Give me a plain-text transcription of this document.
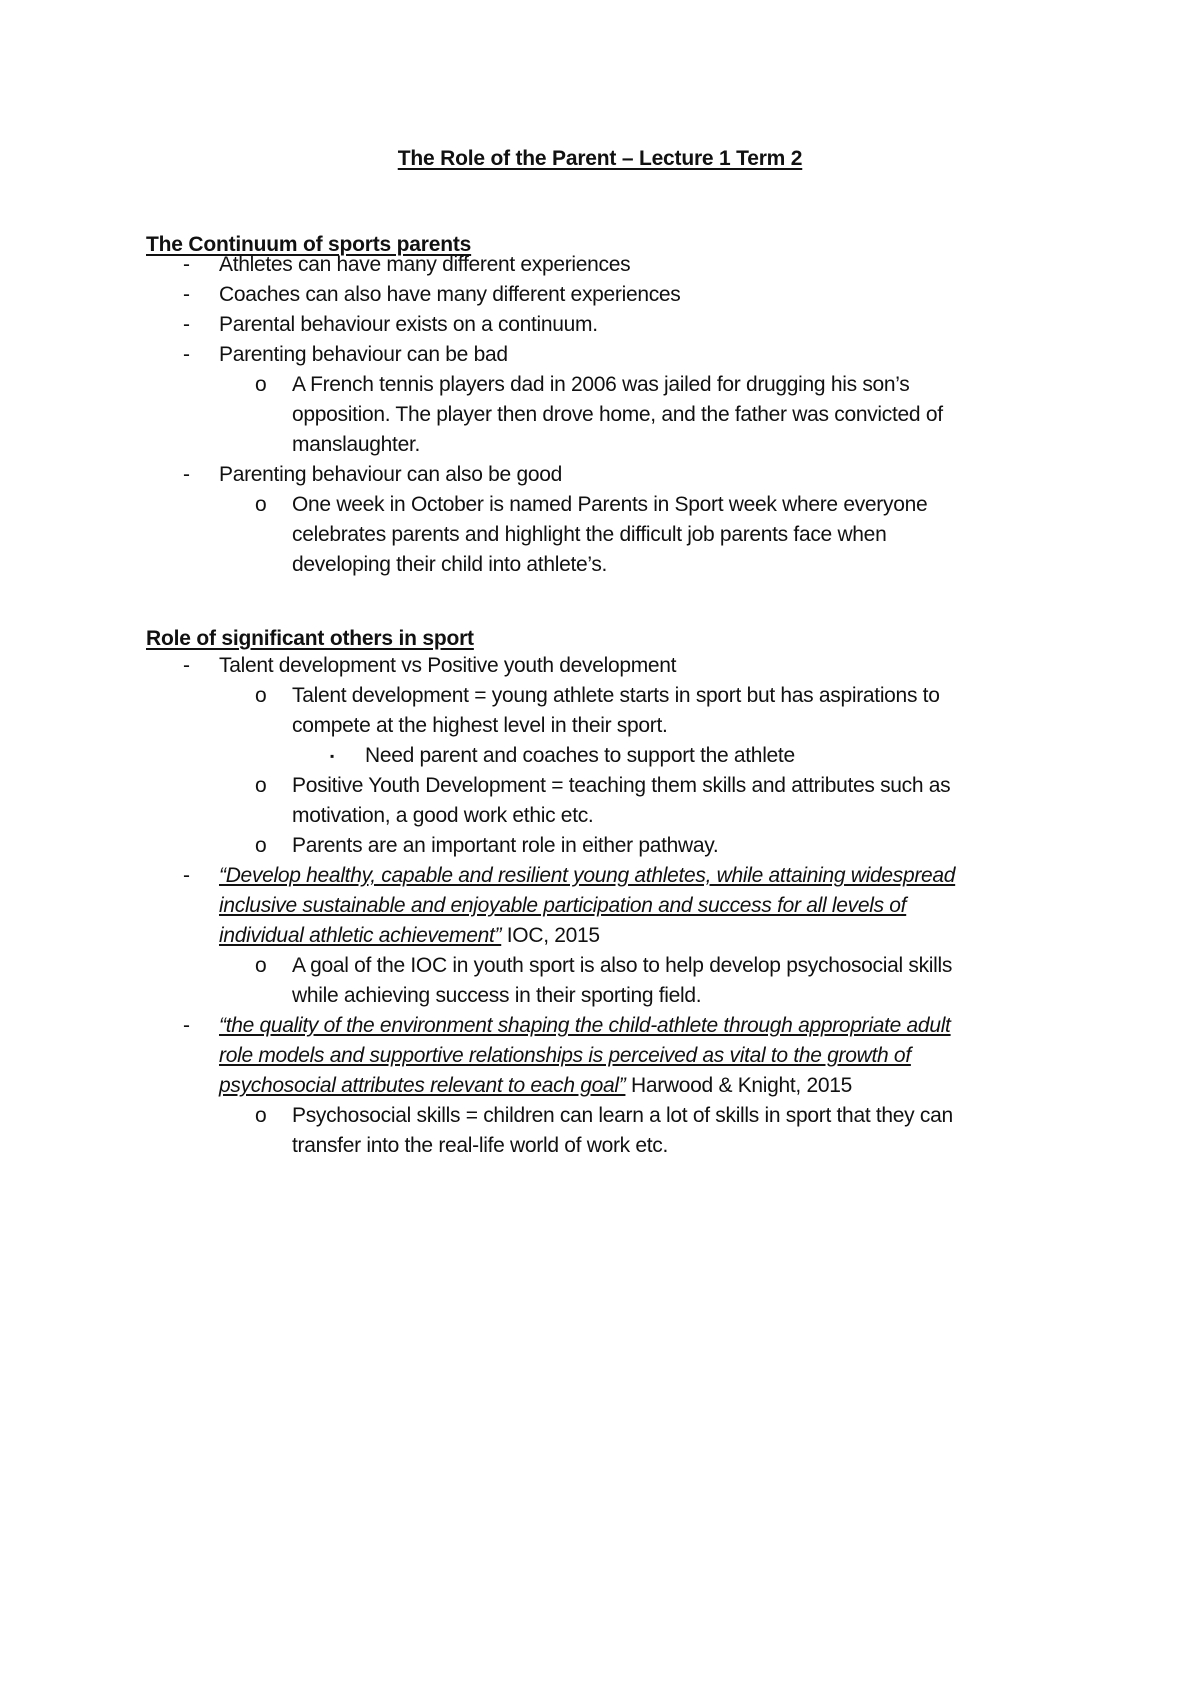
The Role of the Parent – Lecture 1 Term 2
The Continuum of sports parents
- Athletes can have many different experiences
- Coaches can also have many different experiences
- Parental behaviour exists on a continuum.
- Parenting behaviour can be bad
o A French tennis players dad in 2006 was jailed for drugging his son’s
opposition. The player then drove home, and the father was convicted of
manslaughter.
- Parenting behaviour can also be good
o One week in October is named Parents in Sport week where everyone
celebrates parents and highlight the difficult job parents face when
developing their child into athlete’s.
Role of significant others in sport
- Talent development vs Positive youth development
o Talent development = young athlete starts in sport but has aspirations to
compete at the highest level in their sport.
▪ Need parent and coaches to support the athlete
o Positive Youth Development = teaching them skills and attributes such as
motivation, a good work ethic etc.
o Parents are an important role in either pathway.
- “Develop healthy, capable and resilient young athletes, while attaining widespread
inclusive sustainable and enjoyable participation and success for all levels of
individual athletic achievement” IOC, 2015
o A goal of the IOC in youth sport is also to help develop psychosocial skills
while achieving success in their sporting field.
- “the quality of the environment shaping the child-athlete through appropriate adult
role models and supportive relationships is perceived as vital to the growth of
psychosocial attributes relevant to each goal” Harwood & Knight, 2015
o Psychosocial skills = children can learn a lot of skills in sport that they can
transfer into the real-life world of work etc.
